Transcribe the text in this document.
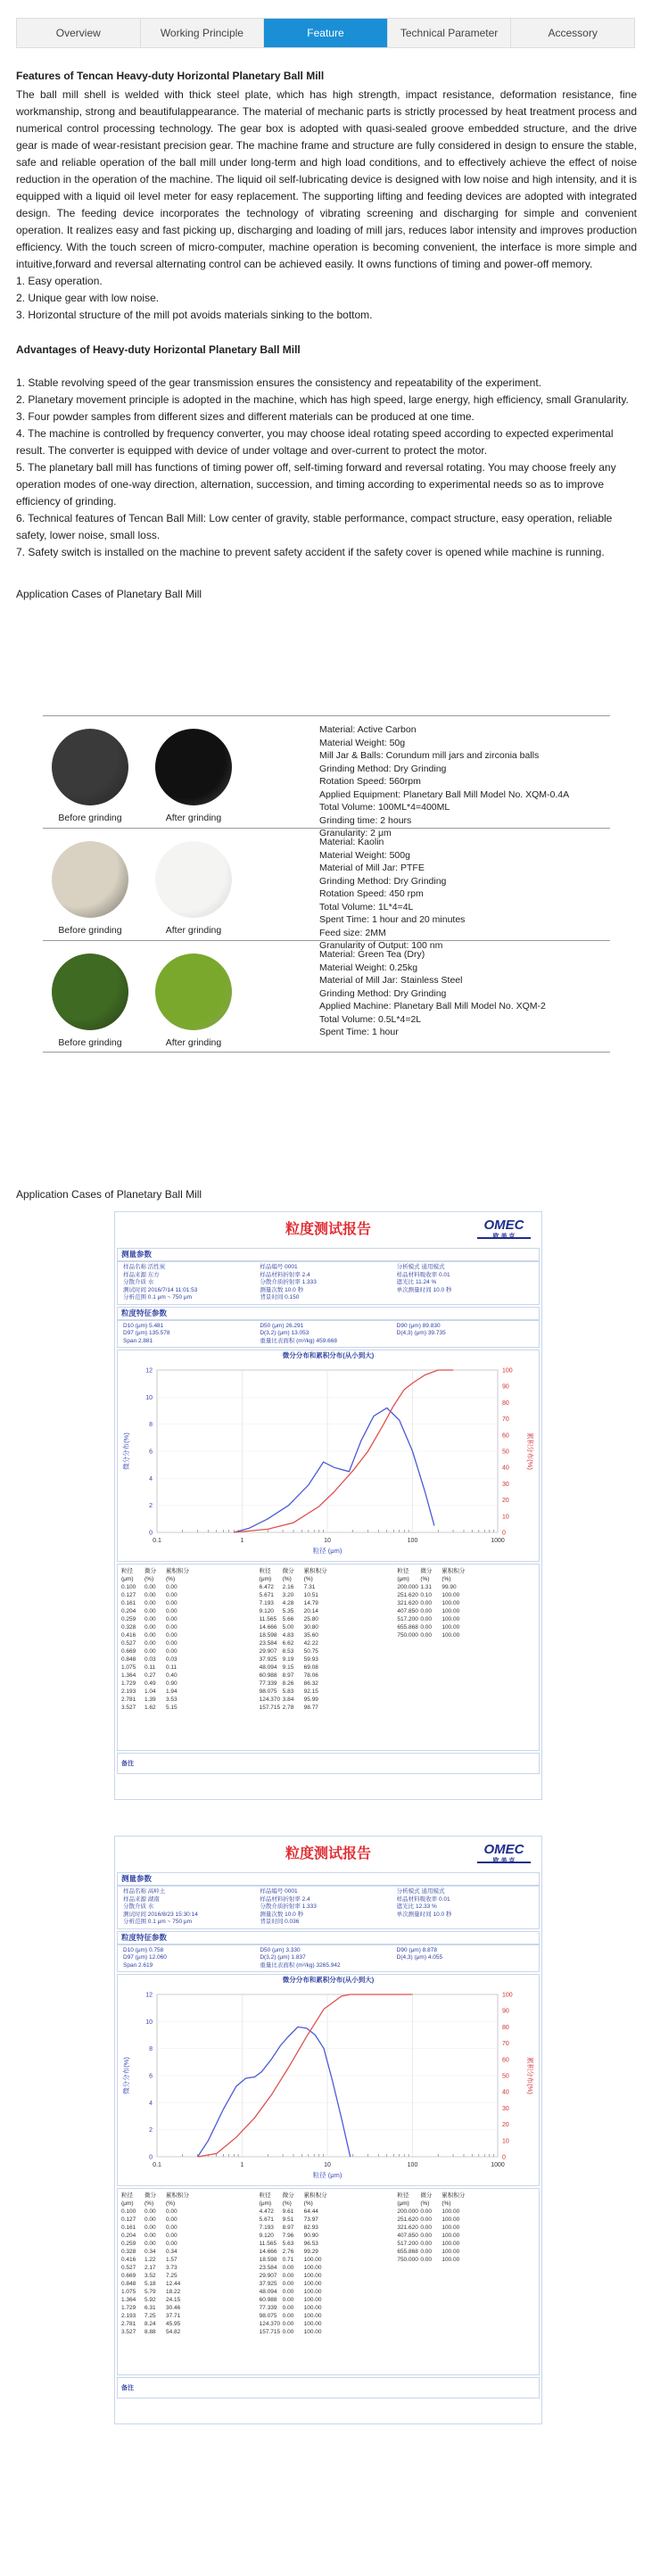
Overview	Working Principle	Feature	Technical Parameter	Accessory
Features of Tencan Heavy-duty Horizontal Planetary Ball Mill

The ball mill shell is welded with thick steel plate, which has high strength, impact resistance, deformation resistance, fine workmanship, strong and beautifulappearance. The material of mechanic parts is strictly processed by heat treatment process and numerical control processing technology. The gear box is adopted with quasi-sealed groove embedded structure, and the drive gear is made of wear-resistant precision gear. The machine frame and structure are fully considered in design to ensure the stable, safe and reliable operation of the ball mill under long-term and high load conditions, and to effectively achieve the effect of noise reduction in the operation of the machine. The liquid oil self-lubricating device is designed with low noise and high intensity, and it is equipped with a liquid oil level meter for easy replacement. The supporting lifting and feeding devices are adopted with integrated design. The feeding device incorporates the technology of vibrating screening and discharging for simple and convenient operation. It realizes easy and fast picking up, discharging and loading of mill jars, reduces labor intensity and improves production efficiency. With the touch screen of micro-computer, machine operation is becoming convenient, the interface is more simple and intuitive,forward and reversal alternating control can be achieved easily. It owns functions of timing and power-off memory.

1. Easy operation.
2. Unique gear with low noise.
3. Horizontal structure of the mill pot avoids materials sinking to the bottom.
Advantages of Heavy-duty Horizontal Planetary Ball Mill
1. Stable revolving speed of the gear transmission ensures the consistency and repeatability of the experiment.
2. Planetary movement principle is adopted in the machine, which has high speed, large energy, high efficiency, small Granularity.
3. Four powder samples from different sizes and different materials can be produced at one time.
4. The machine is controlled by frequency converter, you may choose ideal rotating speed according to expected experimental result. The converter is equipped with device of under voltage and over-current to protect the motor.
5. The planetary ball mill has functions of timing power off, self-timing forward and reversal rotating. You may choose freely any operation modes of one-way direction, alternation, succession, and timing according to experimental needs so as to improve efficiency of grinding.
6. Technical features of Tencan Ball Mill: Low center of gravity, stable performance, compact structure, easy operation, reliable safety, lower noise, small loss.
7. Safety switch is installed on the machine to prevent safety accident if the safety cover is opened while machine is running.
Application Cases of Planetary Ball Mill
Before grinding	After grinding
Material: Active Carbon
Material Weight: 50g
Mill Jar & Balls: Corundum mill jars and zirconia balls
Grinding Method: Dry Grinding
Rotation Speed: 560rpm
Applied Equipment: Planetary Ball Mill Model No. XQM-0.4A
Total Volume: 100ML*4=400ML
Grinding time: 2 hours
Granularity: 2 μm
Before grinding	After grinding
Material: Kaolin
Material Weight: 500g
Material of Mill Jar: PTFE
Grinding Method: Dry Grinding
Rotation Speed: 450 rpm
Total Volume: 1L*4=4L
Spent Time: 1 hour and 20 minutes
Feed size: 2MM
Granularity of Output: 100 nm
Before grinding	After grinding
Material: Green Tea (Dry)
Material Weight: 0.25kg
Material of Mill Jar: Stainless Steel
Grinding Method: Dry Grinding
Applied Machine: Planetary Ball Mill Model No. XQM-2
Total Volume: 0.5L*4=2L
Spent Time: 1 hour
Application Cases of Planetary Ball Mill
粒度测试报告	OMEC
欧 美 克
测量参数
样品名称 活性炭	样品编号 0001	分析模式 通用模式
样品来源 东方	样品材料折射率 2.4	样品材料吸收率 0.01
分散介质 水	分散介质折射率 1.333	遮光比 11.24 %
测试时间 2016/7/14 11:01:53	测量次数 10.0 秒	单次测量时间 10.0 秒
分析范围 0.1 μm ~ 750 μm	背景时间 0.150
粒度特征参数
D10 (μm) 5.481	D50 (μm) 26.291	D90 (μm) 89.830
D97 (μm) 135.578	D(3,2) (μm) 13.053	D(4,3) (μm) 39.735
Span 2.881	重量比表面积 (m²/kg) 459.668
微分分布和累积分布(从小到大)
0.1	1	10	100	1000
0
2
4
6
8
10
12
0
10
20
30
40
50
60
70
80
90
100
粒径 (μm)
微分分布(%)	累积分布(%)
粒径 (μm)
微分(%)
累积积分(%)
0.100	0.00	0.00
0.127	0.00	0.00
0.161	0.00	0.00
0.204	0.00	0.00
0.259	0.00	0.00
0.328	0.00	0.00
0.416	0.00	0.00
0.527	0.00	0.00
0.669	0.00	0.00
0.848	0.03	0.03
1.075	0.11	0.11
1.364	0.27	0.40
1.729	0.49	0.90
2.193	1.04	1.94
2.781	1.39	3.53
3.527	1.62	5.15
粒径 (μm)
微分(%)
累积积分(%)
6.472	2.16	7.31
5.671	3.20	10.51
7.193	4.28	14.79
9.120	5.35	20.14
11.565	5.66	25.80
14.666 5.00	30.80
18.598 4.83	35.60
23.584 6.62	42.22
29.907 8.53	50.75
37.925 9.19	59.93
48.094 9.15	69.08
60.988 8.97	78.06
77.339 8.26	86.32
98.075 5.83	92.15
124.370 3.84	95.99
157.715 2.78	98.77
粒径 (μm)
微分(%)
累积积分(%)
200.000 1.31	99.90
251.620 0.10	100.00
321.620 0.00	100.00
407.850 0.00	100.00
517.200 0.00	100.00
655.868 0.00	100.00
750.000 0.00	100.00
备注
粒度测试报告	OMEC
欧 美 克
测量参数
样品名称 高岭土	样品编号 0001	分析模式 通用模式
样品来源 湖南	样品材料折射率 2.4	样品材料吸收率 0.01
分散介质 水	分散介质折射率 1.333	遮光比 12.33 %
测试时间 2016/8/23 15:30:14	测量次数 10.0 秒	单次测量时间 10.0 秒
分析范围 0.1 μm ~ 750 μm	背景时间 0.036
粒度特征参数
D10 (μm) 0.758	D50 (μm) 3.330	D90 (μm) 8.878
D97 (μm) 12.060	D(3,2) (μm) 1.837	D(4,3) (μm) 4.055
Span 2.619	重量比表面积 (m²/kg) 3265.942
微分分布和累积分布(从小到大)
0.1	1	10	100	1000
0
2
4
6
8
10
12
0
10
20
30
40
50
60
70
80
90
100
粒径 (μm)
微分分布(%)	累积分布(%)
粒径 (μm)
微分(%)
累积积分(%)
0.100	0.00	0.00
0.127	0.00	0.00
0.161	0.00	0.00
0.204	0.00	0.00
0.259	0.00	0.00
0.328	0.34	0.34
0.416	1.22	1.57
0.527	2.17	3.73
0.669	3.52	7.25
0.848	5.18	12.44
1.075	5.79	18.22
1.364	5.92	24.15
1.729	6.31	30.46
2.193	7.25	37.71
2.781	8.24	45.95
3.527	8.88	54.82
粒径 (μm)
微分(%)
累积积分(%)
4.472	9.61	64.44
5.671	9.51	73.97
7.193	8.97	82.93
9.120	7.96	90.90
11.565	5.63	96.53
14.666 2.76	99.29
18.598 0.71	100.00
23.584 0.00	100.00
29.907 0.00	100.00
37.925 0.00	100.00
48.094 0.00	100.00
60.988 0.00	100.00
77.339 0.00	100.00
98.075 0.00	100.00
124.370 0.00	100.00
157.715 0.00	100.00
粒径 (μm)
微分(%)
累积积分(%)
200.000 0.00	100.00
251.620 0.00	100.00
321.620 0.00	100.00
407.850 0.00	100.00
517.200 0.00	100.00
655.868 0.00	100.00
750.000 0.00	100.00
备注
